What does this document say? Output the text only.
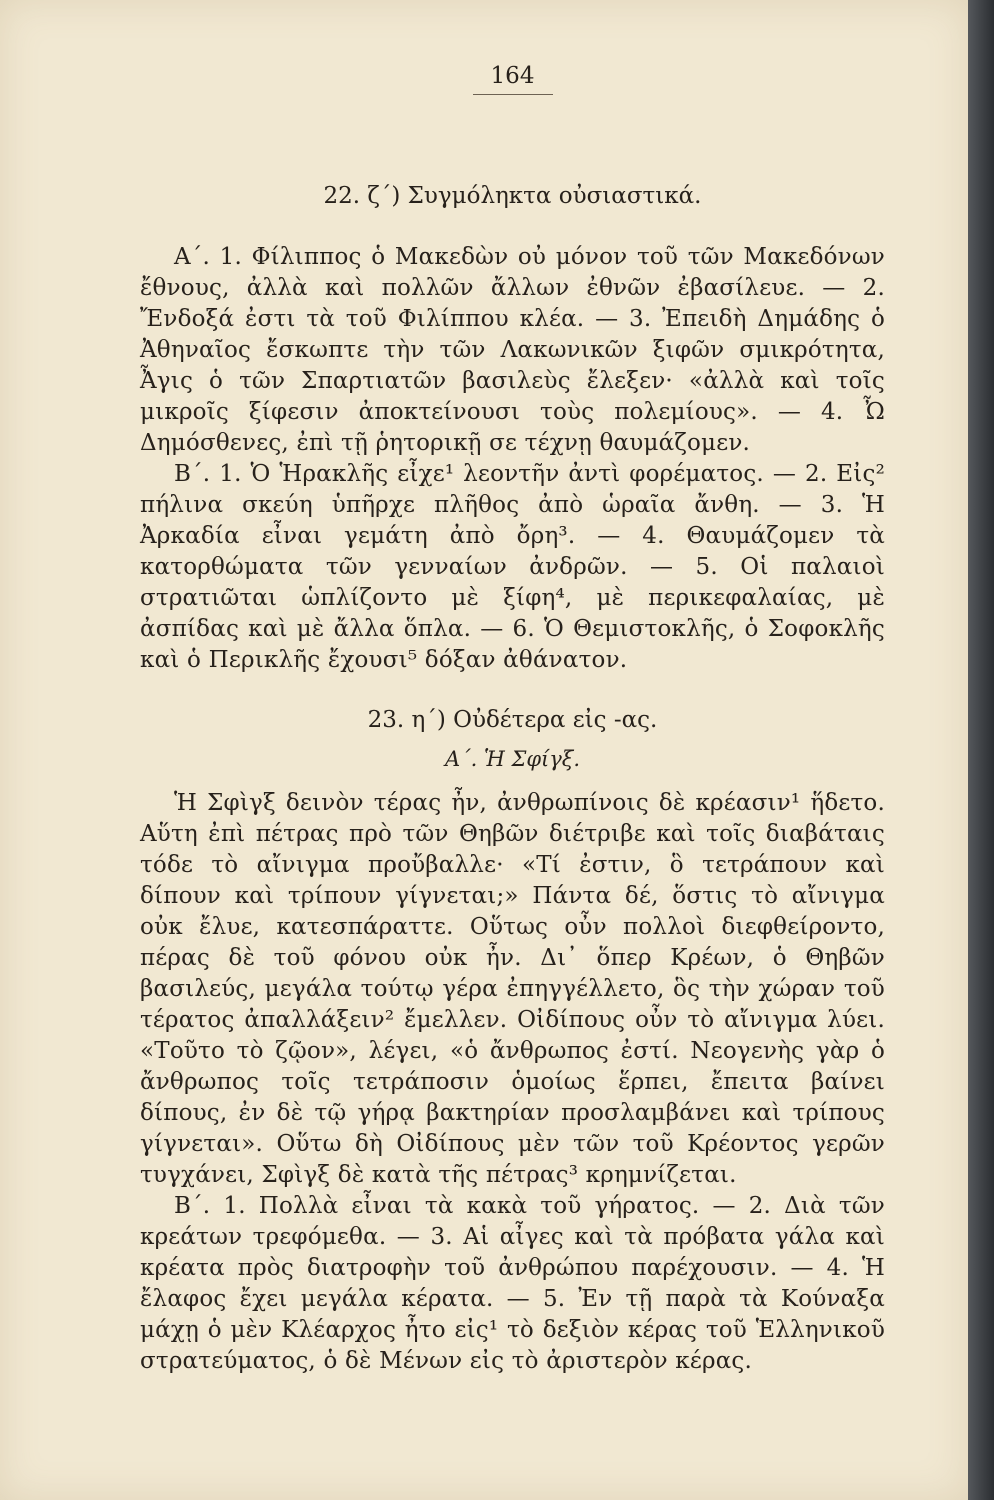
164
22. ζ΄) Συγμόληκτα οὐσιαστικά.

Α΄. 1. Φίλιππος ὁ Μακεδὼν οὐ μόνον τοῦ τῶν Μακεδόνων ἔθνους, ἀλλὰ καὶ πολλῶν ἄλλων ἐθνῶν ἐβασίλευε. — 2. Ἔνδοξά ἐστι τὰ τοῦ Φιλίππου κλέα. — 3. Ἐπειδὴ Δημάδης ὁ Ἀθηναῖος ἔσκωπτε τὴν τῶν Λακωνικῶν ξιφῶν σμικρότητα, Ἆγις ὁ τῶν Σπαρτιατῶν βασιλεὺς ἔλεξεν· «ἀλλὰ καὶ τοῖς μικροῖς ξίφεσιν ἀποκτείνουσι τοὺς πολεμίους». — 4. Ὦ Δημόσθενες, ἐπὶ τῇ ῥητορικῇ σε τέχνῃ θαυμάζομεν.

Β΄. 1. Ὁ Ἡρακλῆς εἶχε¹ λεοντῆν ἀντὶ φορέματος. — 2. Εἰς² πήλινα σκεύη ὑπῆρχε πλῆθος ἀπὸ ὡραῖα ἄνθη. — 3. Ἡ Ἀρκαδία εἶναι γεμάτη ἀπὸ ὄρη³. — 4. Θαυμάζομεν τὰ κατορθώματα τῶν γενναίων ἀνδρῶν. — 5. Οἱ παλαιοὶ στρατιῶται ὡπλίζοντο μὲ ξίφη⁴, μὲ περικεφαλαίας, μὲ ἀσπίδας καὶ μὲ ἄλλα ὅπλα. — 6. Ὁ Θεμιστοκλῆς, ὁ Σοφοκλῆς καὶ ὁ Περικλῆς ἔχουσι⁵ δόξαν ἀθάνατον.

23. η΄) Οὐδέτερα εἰς -ας.
Α΄. Ἡ Σφίγξ.

Ἡ Σφὶγξ δεινὸν τέρας ἦν, ἀνθρωπίνοις δὲ κρέασιν¹ ἥδετο. Αὕτη ἐπὶ πέτρας πρὸ τῶν Θηβῶν διέτριβε καὶ τοῖς διαβάταις τόδε τὸ αἴνιγμα προὔβαλλε· «Τί ἐστιν, ὃ τετράπουν καὶ δίπουν καὶ τρίπουν γίγνεται;» Πάντα δέ, ὅστις τὸ αἴνιγμα οὐκ ἔλυε, κατεσπάραττε. Οὕτως οὖν πολλοὶ διεφθείροντο, πέρας δὲ τοῦ φόνου οὐκ ἦν. Δι᾽ ὅπερ Κρέων, ὁ Θηβῶν βασιλεύς, μεγάλα τούτῳ γέρα ἐπηγγέλλετο, ὃς τὴν χώραν τοῦ τέρατος ἀπαλλάξειν² ἔμελλεν. Οἰδίπους οὖν τὸ αἴνιγμα λύει. «Τοῦτο τὸ ζῷον», λέγει, «ὁ ἄνθρωπος ἐστί. Νεογενὴς γὰρ ὁ ἄνθρωπος τοῖς τετράποσιν ὁμοίως ἕρπει, ἔπειτα βαίνει δίπους, ἐν δὲ τῷ γήρᾳ βακτηρίαν προσλαμβάνει καὶ τρίπους γίγνεται». Οὕτω δὴ Οἰδίπους μὲν τῶν τοῦ Κρέοντος γερῶν τυγχάνει, Σφὶγξ δὲ κατὰ τῆς πέτρας³ κρημνίζεται.

Β΄. 1. Πολλὰ εἶναι τὰ κακὰ τοῦ γήρατος. — 2. Διὰ τῶν κρεάτων τρεφόμεθα. — 3. Αἱ αἶγες καὶ τὰ πρόβατα γάλα καὶ κρέατα πρὸς διατροφὴν τοῦ ἀνθρώπου παρέχουσιν. — 4. Ἡ ἔλαφος ἔχει μεγάλα κέρατα. — 5. Ἐν τῇ παρὰ τὰ Κούναξα μάχῃ ὁ μὲν Κλέαρχος ἦτο εἰς¹ τὸ δεξιὸν κέρας τοῦ Ἑλληνικοῦ στρατεύματος, ὁ δὲ Μένων εἰς τὸ ἀριστερὸν κέρας.
